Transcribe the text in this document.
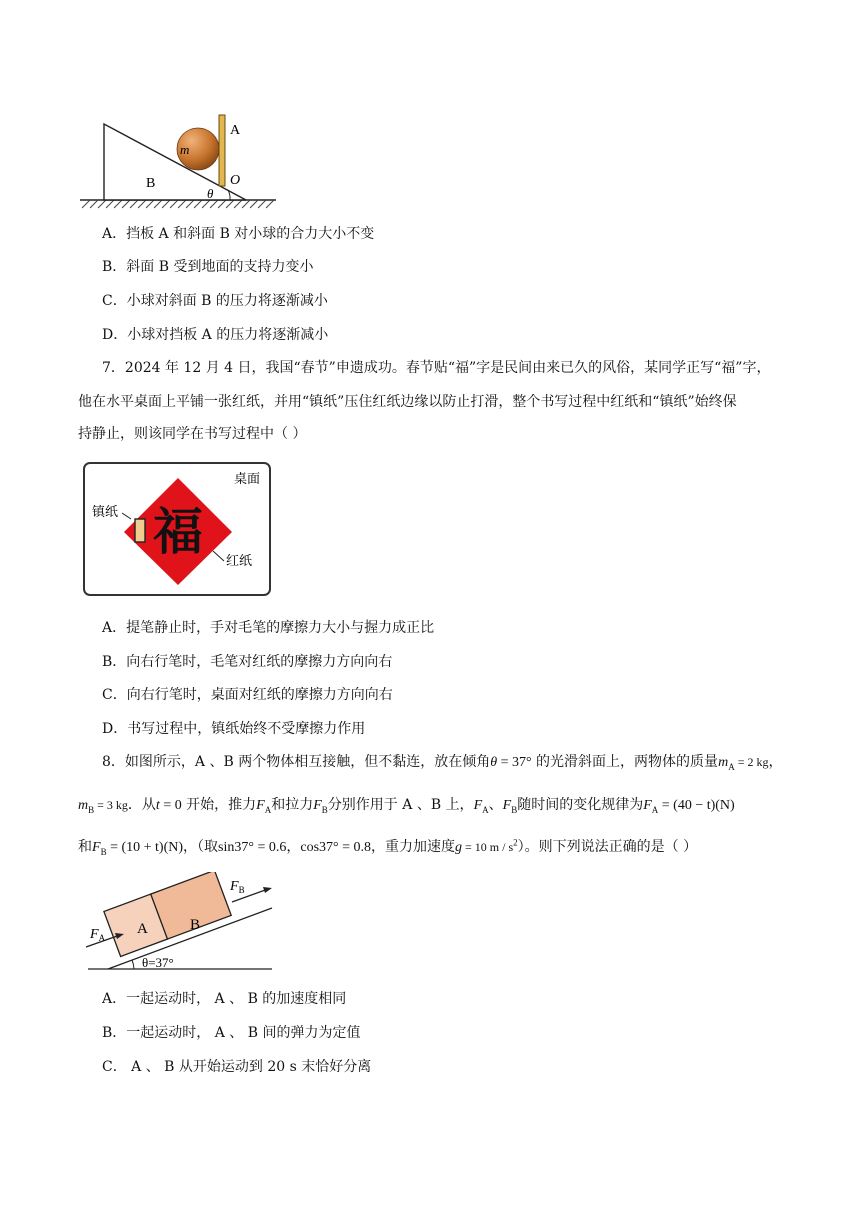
A
m
B	O
θ
A．挡板 A 和斜面 B 对小球的合力大小不变
B．斜面 B 受到地面的支持力变小
C．小球对斜面 B 的压力将逐渐减小
D．小球对挡板 A 的压力将逐渐减小
7．2024 年 12 月 4 日，我国“春节”申遗成功。春节贴“福”字是民间由来已久的风俗，某同学正写“福”字，
他在水平桌面上平铺一张红纸，并用“镇纸”压住红纸边缘以防止打滑，整个书写过程中红纸和“镇纸”始终保
持静止，则该同学在书写过程中（ ）
桌面
镇纸 福
红纸
A．提笔静止时，手对毛笔的摩擦力大小与握力成正比
B．向右行笔时，毛笔对红纸的摩擦力方向向右
C．向右行笔时，桌面对红纸的摩擦力方向向右
D．书写过程中，镇纸始终不受摩擦力作用
8．如图所示，A 、B 两个物体相互接触，但不黏连，放在倾角θ = 37° 的光滑斜面上，两物体的质量$m_A = 2$ kg，
$m_B = 3$ kg．从t = 0 开始，推力$F_A$和拉力$F_B$分别作用于 A 、B 上，$F_A$、$F_B$随时间的变化规律为$F_A = (40 - t)(N)$
和$F_B = (10 + t)(N)$，（取sin37° = 0.6，cos37° = 0.8，重力加速度g = 10 m / $s^2$）。则下列说法正确的是（ ）
A	B
$F_A$
$F_B$
θ=37°
A．一起运动时， A 、 B 的加速度相同
B．一起运动时， A 、 B 间的弹力为定值
C． A 、 B 从开始运动到 20 s 末恰好分离
